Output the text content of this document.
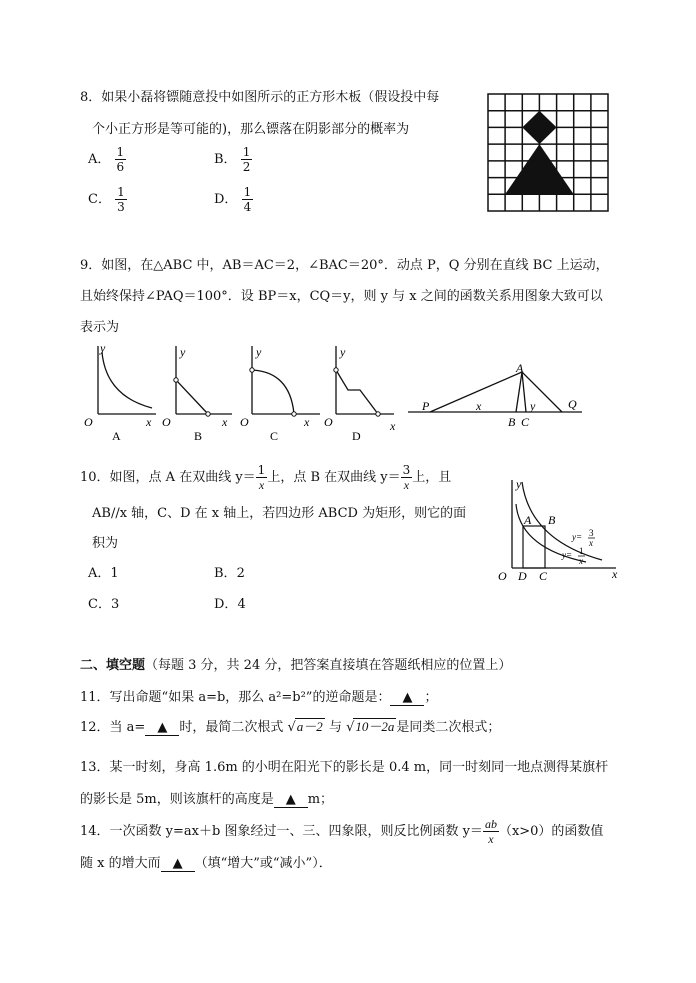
8．如果小磊将镖随意投中如图所示的正方形木板（假设投中每
个小正方形是等可能的)，那么镖落在阴影部分的概率为
A． $\frac{1}{6}$	B． $\frac{1}{2}$
C． $\frac{1}{3}$	D． $\frac{1}{4}$
9．如图，在△ABC 中，AB＝AC＝2，∠BAC＝20°．动点 P，Q 分别在直线 BC 上运动，
且始终保持∠PAQ＝100°．设 BP＝x，CQ＝y，则 y 与 x 之间的函数关系用图象大致可以
表示为
y
x
O
A
y
x
O
B
y
x
O
C
y
x
O
D
P	x
A
y	Q
B C
10．如图，点 A 在双曲线 $y= \frac{1}{x}$ 上，点 B 在双曲线 $y= \frac{3}{x}$ 上，且
AB//x 轴，C、D 在 x 轴上，若四边形 ABCD 为矩形，则它的面
积为
A．1	B．2
C．3	D．4
y
x
O D C
A B
y= 3
x
y= 1
x
二、填空题（每题 3 分，共 24 分，把答案直接填在答题纸相应的位置上）
11．写出命题“如果 a=b，那么 a²=b²”的逆命题是： ▲ ；
12．当 a= ▲ 时，最简二次根式 √a－2 与 √10－2a 是同类二次根式；
13．某一时刻，身高 1.6m 的小明在阳光下的影长是 0.4 m，同一时刻同一地点测得某旗杆
的影长是 5m，则该旗杆的高度是 ▲ m；
14．一次函数 y=ax＋b 图象经过一、三、四象限，则反比例函数 $y= \frac{ab}{x} (x>0)$的函数值
随 x 的增大而 ▲ （填“增大”或“减小”）．
